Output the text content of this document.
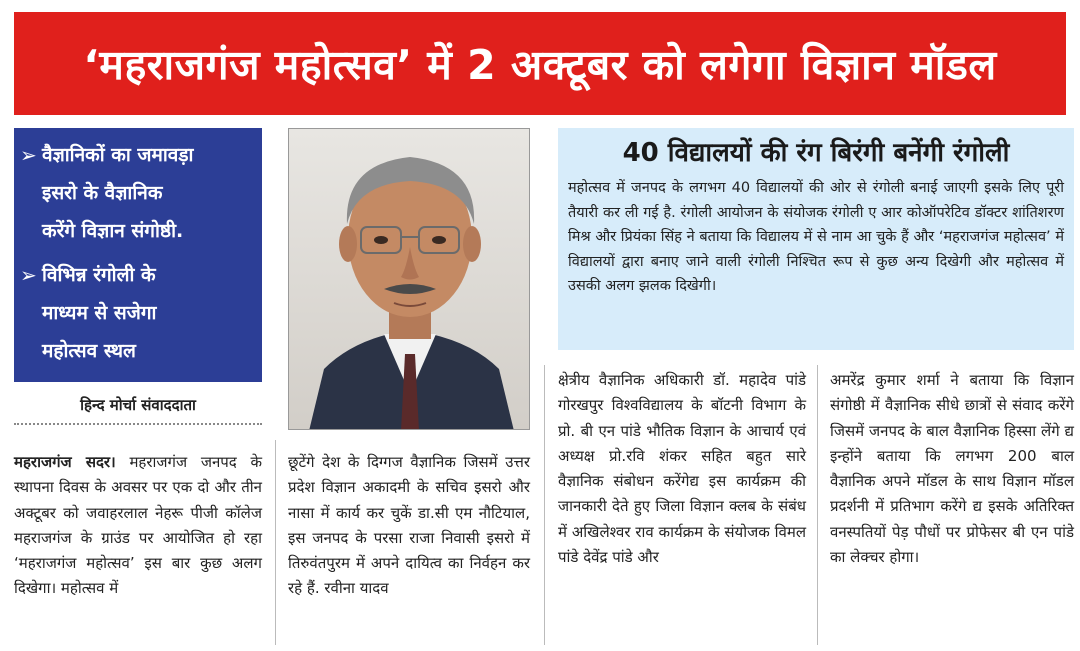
‘महराजगंज महोत्सव’ में 2 अक्टूबर को लगेगा विज्ञान मॉडल
➢ वैज्ञानिकों का जमावड़ा
इसरो के वैज्ञानिक
करेंगे विज्ञान संगोष्ठी.
➢ विभिन्न रंगोली के
माध्यम से सजेगा
महोत्सव स्थल
हिन्द मोर्चा संवाददाता
40 विद्यालयों की रंग बिरंगी बनेंगी रंगोली
महोत्सव में जनपद के लगभग 40 विद्यालयों की ओर से रंगोली बनाई जाएगी इसके लिए पूरी तैयारी कर ली गई है. रंगोली आयोजन के संयोजक रंगोली ए आर कोऑपरेटिव डॉक्टर शांतिशरण मिश्र और प्रियंका सिंह ने बताया कि विद्यालय में से नाम आ चुके हैं और ‘महराजगंज महोत्सव’ में विद्यालयों द्वारा बनाए जाने वाली रंगोली निश्चित रूप से कुछ अन्य दिखेगी और महोत्सव में उसकी अलग झलक दिखेगी।
महराजगंज सदर। महराजगंज जनपद के स्थापना दिवस के अवसर पर एक दो और तीन अक्टूबर को जवाहरलाल नेहरू पीजी कॉलेज महराजगंज के ग्राउंड पर आयोजित हो रहा ‘महराजगंज महोत्सव’ इस बार कुछ अलग दिखेगा। महोत्सव में
छूटेंगे देश के दिग्गज वैज्ञानिक जिसमें उत्तर प्रदेश विज्ञान अकादमी के सचिव इसरो और नासा में कार्य कर चुकें डा.सी एम नौटियाल, इस जनपद के परसा राजा निवासी इसरो में तिरुवंतपुरम में अपने दायित्व का निर्वहन कर रहे हैं. रवीना यादव
क्षेत्रीय वैज्ञानिक अधिकारी डॉ. महादेव पांडे गोरखपुर विश्वविद्यालय के बॉटनी विभाग के प्रो. बी एन पांडे भौतिक विज्ञान के आचार्य एवं अध्यक्ष प्रो.रवि शंकर सहित बहुत सारे वैज्ञानिक संबोधन करेंगेद्य इस कार्यक्रम की जानकारी देते हुए जिला विज्ञान क्लब के संबंध में अखिलेश्वर राव कार्यक्रम के संयोजक विमल पांडे देवेंद्र पांडे और
अमरेंद्र कुमार शर्मा ने बताया कि विज्ञान संगोष्ठी में वैज्ञानिक सीधे छात्रों से संवाद करेंगे जिसमें जनपद के बाल वैज्ञानिक हिस्सा लेंगे द्य इन्होंने बताया कि लगभग 200 बाल वैज्ञानिक अपने मॉडल के साथ विज्ञान मॉडल प्रदर्शनी में प्रतिभाग करेंगे द्य इसके अतिरिक्त वनस्पतियों पेड़ पौधों पर प्रोफेसर बी एन पांडे का लेक्चर होगा।
